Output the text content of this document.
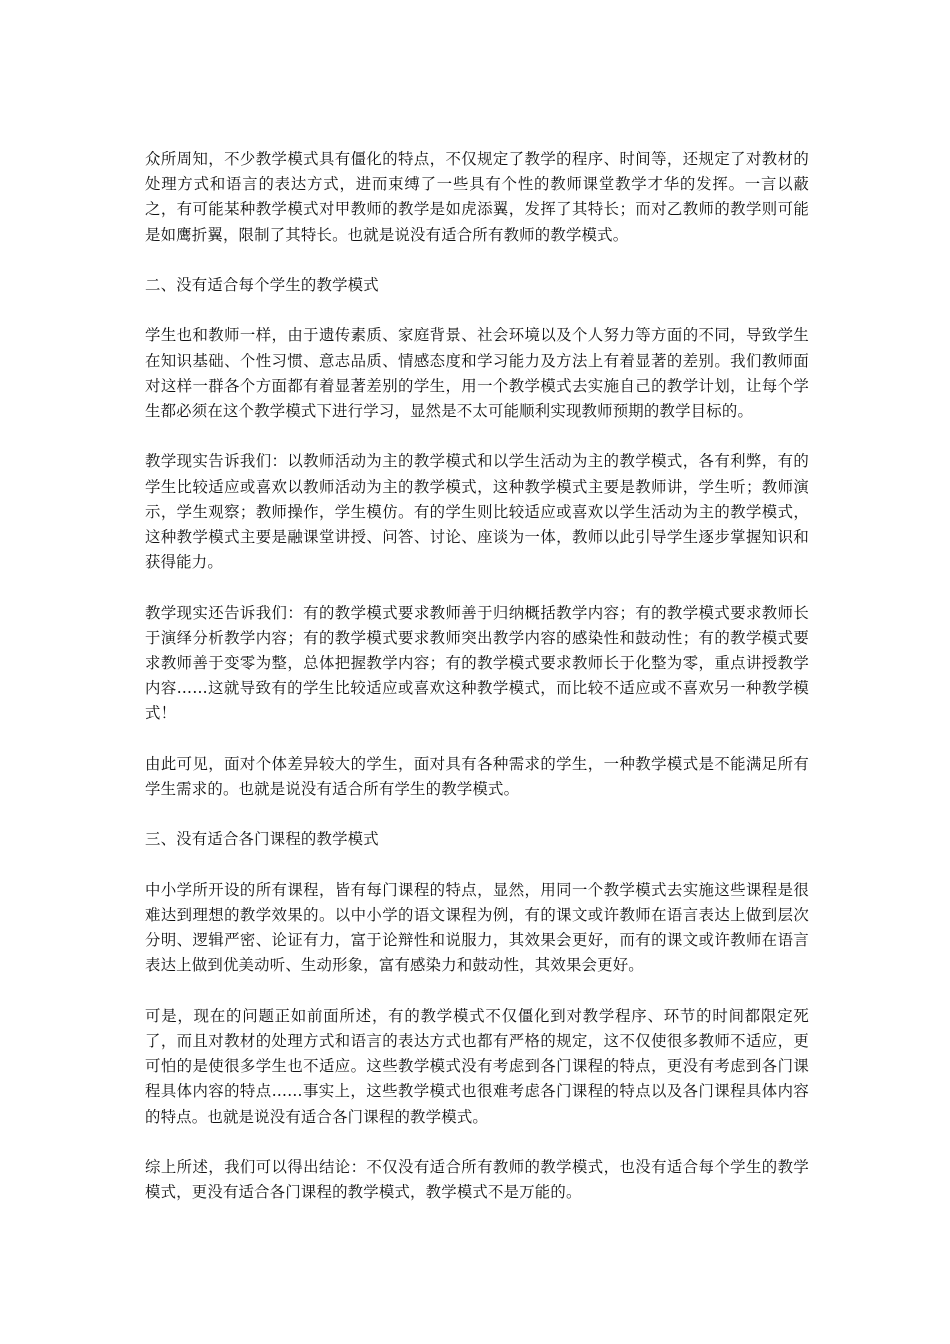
众所周知，不少教学模式具有僵化的特点，不仅规定了教学的程序、时间等，还规定了对教材的处理方式和语言的表达方式，进而束缚了一些具有个性的教师课堂教学才华的发挥。一言以蔽之，有可能某种教学模式对甲教师的教学是如虎添翼，发挥了其特长；而对乙教师的教学则可能是如鹰折翼，限制了其特长。也就是说没有适合所有教师的教学模式。

二、没有适合每个学生的教学模式

学生也和教师一样，由于遗传素质、家庭背景、社会环境以及个人努力等方面的不同，导致学生在知识基础、个性习惯、意志品质、情感态度和学习能力及方法上有着显著的差别。我们教师面对这样一群各个方面都有着显著差别的学生，用一个教学模式去实施自己的教学计划，让每个学生都必须在这个教学模式下进行学习，显然是不太可能顺利实现教师预期的教学目标的。

教学现实告诉我们：以教师活动为主的教学模式和以学生活动为主的教学模式，各有利弊，有的学生比较适应或喜欢以教师活动为主的教学模式，这种教学模式主要是教师讲，学生听；教师演示，学生观察；教师操作，学生模仿。有的学生则比较适应或喜欢以学生活动为主的教学模式，这种教学模式主要是融课堂讲授、问答、讨论、座谈为一体，教师以此引导学生逐步掌握知识和获得能力。

教学现实还告诉我们：有的教学模式要求教师善于归纳概括教学内容；有的教学模式要求教师长于演绎分析教学内容；有的教学模式要求教师突出教学内容的感染性和鼓动性；有的教学模式要求教师善于变零为整，总体把握教学内容；有的教学模式要求教师长于化整为零，重点讲授教学内容……这就导致有的学生比较适应或喜欢这种教学模式，而比较不适应或不喜欢另一种教学模式！

由此可见，面对个体差异较大的学生，面对具有各种需求的学生，一种教学模式是不能满足所有学生需求的。也就是说没有适合所有学生的教学模式。

三、没有适合各门课程的教学模式

中小学所开设的所有课程，皆有每门课程的特点，显然，用同一个教学模式去实施这些课程是很难达到理想的教学效果的。以中小学的语文课程为例，有的课文或许教师在语言表达上做到层次分明、逻辑严密、论证有力，富于论辩性和说服力，其效果会更好，而有的课文或许教师在语言表达上做到优美动听、生动形象，富有感染力和鼓动性，其效果会更好。

可是，现在的问题正如前面所述，有的教学模式不仅僵化到对教学程序、环节的时间都限定死了，而且对教材的处理方式和语言的表达方式也都有严格的规定，这不仅使很多教师不适应，更可怕的是使很多学生也不适应。这些教学模式没有考虑到各门课程的特点，更没有考虑到各门课程具体内容的特点……事实上，这些教学模式也很难考虑各门课程的特点以及各门课程具体内容的特点。也就是说没有适合各门课程的教学模式。

综上所述，我们可以得出结论：不仅没有适合所有教师的教学模式，也没有适合每个学生的教学模式，更没有适合各门课程的教学模式，教学模式不是万能的。
